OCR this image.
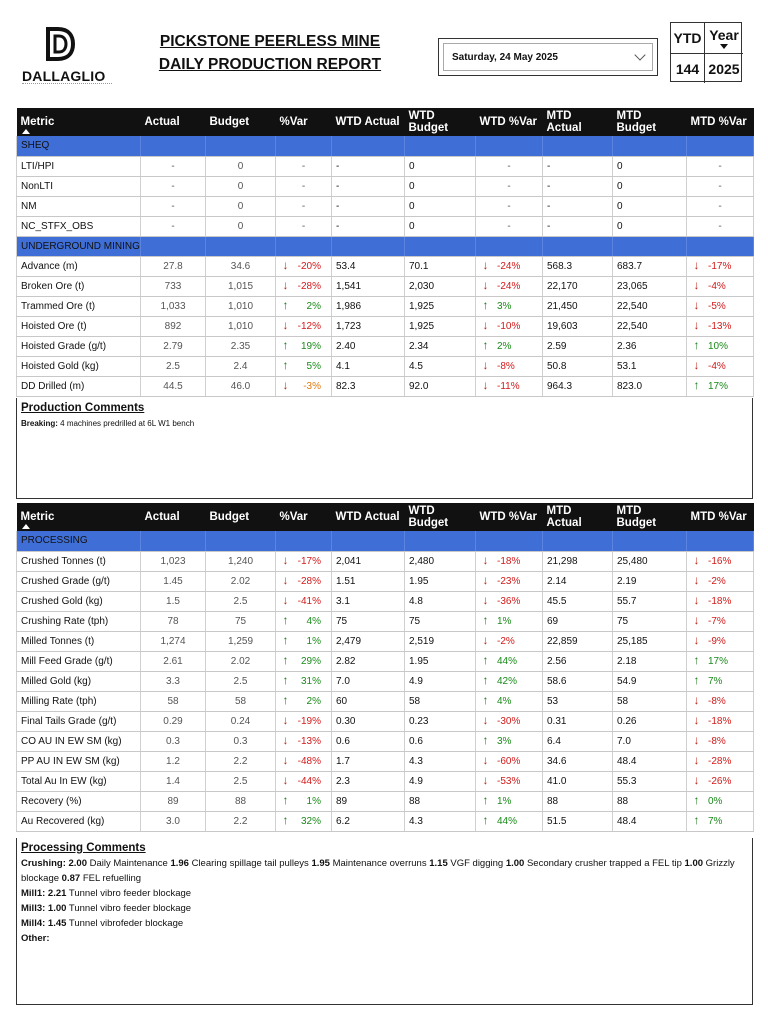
DALLAGLIO
PICKSTONE PEERLESS MINE
DAILY PRODUCTION REPORT	Saturday, 24 May 2025
YTD Year
144 2025
Metric	Actual	Budget	%Var	WTD Actual	WTD Budget	WTD %Var	MTD Actual	MTD Budget	MTD %Var
SHEQ									
LTI/HPI	-	0	-	-	0	-	-	0	-
NonLTI	-	0	-	-	0	-	-	0	-
NM	-	0	-	-	0	-	-	0	-
NC_STFX_OBS	-	0	-	-	0	-	-	0	-
UNDERGROUND MINING									
Advance (m)	27.8	34.6	↓ -20%	53.4	70.1	↓ -24%	568.3	683.7	↓ -17%
Broken Ore (t)	733	1,015	↓ -28%	1,541	2,030	↓ -24%	22,170	23,065	↓ -4%
Trammed Ore (t)	1,033	1,010	↑ 2%	1,986	1,925	↑ 3%	21,450	22,540	↓ -5%
Hoisted Ore (t)	892	1,010	↓ -12%	1,723	1,925	↓ -10%	19,603	22,540	↓ -13%
Hoisted Grade (g/t)	2.79	2.35	↑ 19%	2.40	2.34	↑ 2%	2.59	2.36	↑ 10%
Hoisted Gold (kg)	2.5	2.4	↑ 5%	4.1	4.5	↓ -8%	50.8	53.1	↓ -4%
DD Drilled (m)	44.5	46.0	↓ -3%	82.3	92.0	↓ -11%	964.3	823.0	↑ 17%
Production Comments
Breaking: 4 machines predrilled at 6L W1 bench
Metric	Actual	Budget	%Var	WTD Actual	WTD Budget	WTD %Var	MTD Actual	MTD Budget	MTD %Var
PROCESSING									
Crushed Tonnes (t)	1,023	1,240	↓ -17%	2,041	2,480	↓ -18%	21,298	25,480	↓ -16%
Crushed Grade (g/t)	1.45	2.02	↓ -28%	1.51	1.95	↓ -23%	2.14	2.19	↓ -2%
Crushed Gold (kg)	1.5	2.5	↓ -41%	3.1	4.8	↓ -36%	45.5	55.7	↓ -18%
Crushing Rate (tph)	78	75	↑ 4%	75	75	↑ 1%	69	75	↓ -7%
Milled Tonnes (t)	1,274	1,259	↑ 1%	2,479	2,519	↓ -2%	22,859	25,185	↓ -9%
Mill Feed Grade (g/t)	2.61	2.02	↑ 29%	2.82	1.95	↑ 44%	2.56	2.18	↑ 17%
Milled Gold (kg)	3.3	2.5	↑ 31%	7.0	4.9	↑ 42%	58.6	54.9	↑ 7%
Milling Rate (tph)	58	58	↑ 2%	60	58	↑ 4%	53	58	↓ -8%
Final Tails Grade (g/t)	0.29	0.24	↓ -19%	0.30	0.23	↓ -30%	0.31	0.26	↓ -18%
CO AU IN EW SM (kg)	0.3	0.3	↓ -13%	0.6	0.6	↑ 3%	6.4	7.0	↓ -8%
PP AU IN EW SM (kg)	1.2	2.2	↓ -48%	1.7	4.3	↓ -60%	34.6	48.4	↓ -28%
Total Au In EW (kg)	1.4	2.5	↓ -44%	2.3	4.9	↓ -53%	41.0	55.3	↓ -26%
Recovery (%)	89	88	↑ 1%	89	88	↑ 1%	88	88	↑ 0%
Au Recovered (kg)	3.0	2.2	↑ 32%	6.2	4.3	↑ 44%	51.5	48.4	↑ 7%
Processing Comments
Crushing: 2.00 Daily Maintenance 1.96 Clearing spillage tail pulleys 1.95 Maintenance overruns 1.15 VGF digging 1.00 Secondary crusher trapped a FEL tip 1.00 Grizzly blockage 0.87 FEL refuelling
Mill1: 2.21 Tunnel vibro feeder blockage
Mill3: 1.00 Tunnel vibro feeder blockage
Mill4: 1.45 Tunnel vibrofeder blockage
Other:
